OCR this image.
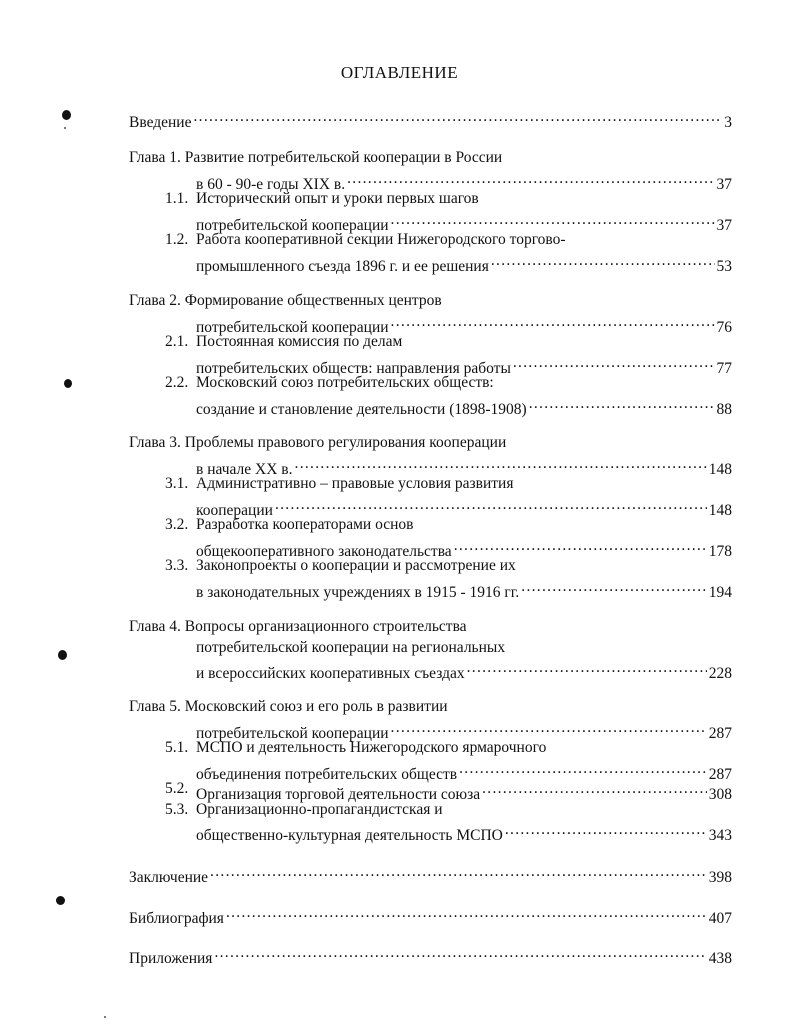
ОГЛАВЛЕНИЕ
Введение .....	3
Глава 1. Развитие потребительской кооперации в России
в 60 - 90-е годы XIX в. .....	37
1.1. Исторический опыт и уроки первых шагов
потребительской кооперации .....	37
1.2. Работа кооперативной секции Нижегородского торгово-
промышленного съезда 1896 г. и ее решения .....	53
Глава 2. Формирование общественных центров
потребительской кооперации .....	76
2.1. Постоянная комиссия по делам
потребительских обществ: направления работы .....	77
2.2. Московский союз потребительских обществ:
создание и становление деятельности (1898-1908) .....	88
Глава 3. Проблемы правового регулирования кооперации
в начале ХХ в. .....	148
3.1. Административно – правовые условия развития
кооперации .....	148
3.2. Разработка кооператорами основ
общекооперативного законодательства .....	178
3.3. Законопроекты о кооперации и рассмотрение их
в законодательных учреждениях в 1915 - 1916 гг. .....	194
Глава 4. Вопросы организационного строительства
потребительской кооперации на региональных
и всероссийских кооперативных съездах .....	228
Глава 5. Московский союз и его роль в развитии
потребительской кооперации .....	287
5.1. МСПО и деятельность Нижегородского ярмарочного
объединения потребительских обществ .....	287
5.2. Организация торговой деятельности союза .....	308
5.3. Организационно-пропагандистская и
общественно-культурная деятельность МСПО .....	343
Заключение .....	398
Библиография .....	407
Приложения .....	438
